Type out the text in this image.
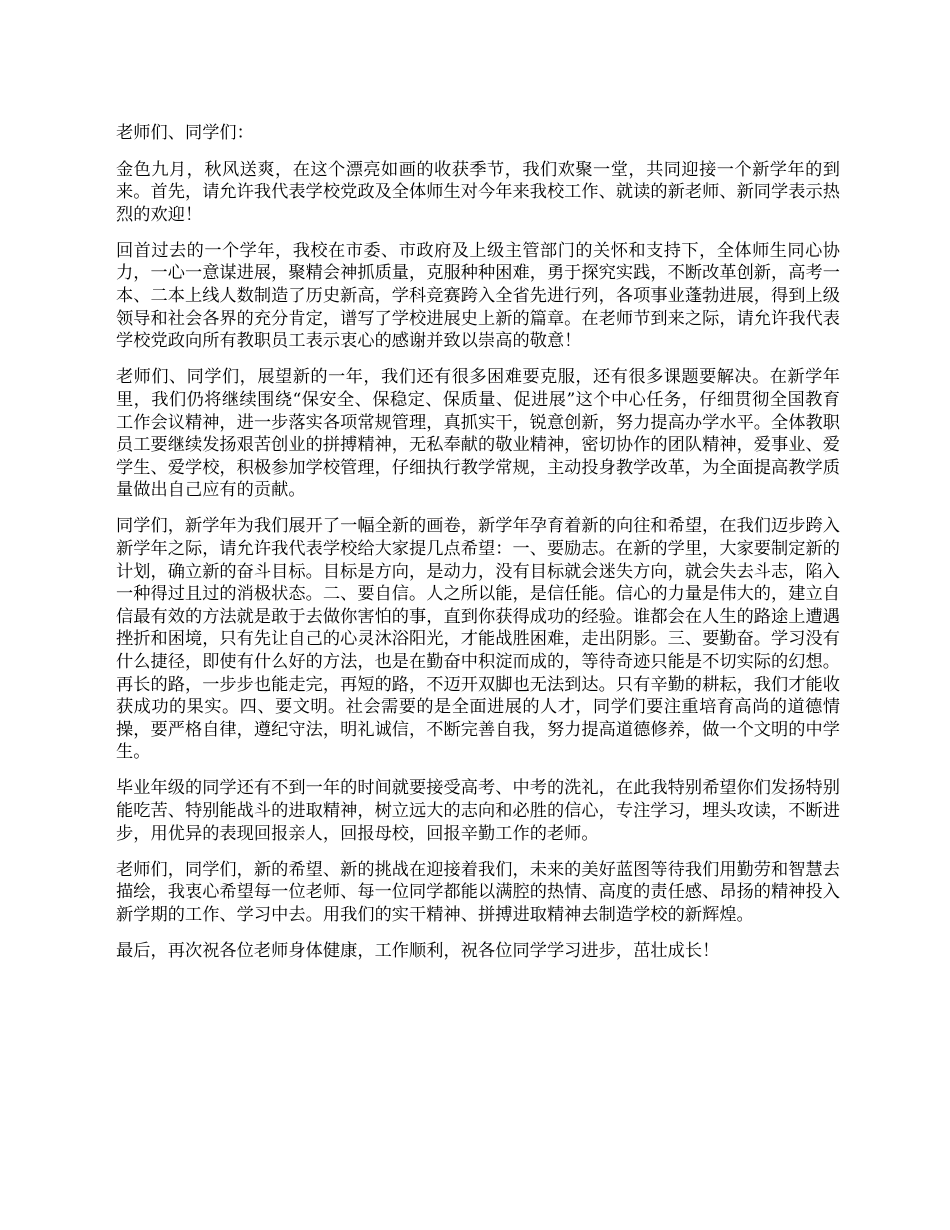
老师们、同学们：

金色九月，秋风送爽，在这个漂亮如画的收获季节，我们欢聚一堂，共同迎接一个新学年的到来。首先，请允许我代表学校党政及全体师生对今年来我校工作、就读的新老师、新同学表示热烈的欢迎！

回首过去的一个学年，我校在市委、市政府及上级主管部门的关怀和支持下，全体师生同心协力，一心一意谋进展，聚精会神抓质量，克服种种困难，勇于探究实践，不断改革创新，高考一本、二本上线人数制造了历史新高，学科竞赛跨入全省先进行列，各项事业蓬勃进展，得到上级领导和社会各界的充分肯定，谱写了学校进展史上新的篇章。在老师节到来之际，请允许我代表学校党政向所有教职员工表示衷心的感谢并致以崇高的敬意！

老师们、同学们，展望新的一年，我们还有很多困难要克服，还有很多课题要解决。在新学年里，我们仍将继续围绕“保安全、保稳定、保质量、促进展”这个中心任务，仔细贯彻全国教育工作会议精神，进一步落实各项常规管理，真抓实干，锐意创新，努力提高办学水平。全体教职员工要继续发扬艰苦创业的拼搏精神，无私奉献的敬业精神，密切协作的团队精神，爱事业、爱学生、爱学校，积极参加学校管理，仔细执行教学常规，主动投身教学改革，为全面提高教学质量做出自己应有的贡献。

同学们，新学年为我们展开了一幅全新的画卷，新学年孕育着新的向往和希望，在我们迈步跨入新学年之际，请允许我代表学校给大家提几点希望：一、要励志。在新的学里，大家要制定新的计划，确立新的奋斗目标。目标是方向，是动力，没有目标就会迷失方向，就会失去斗志，陷入一种得过且过的消极状态。二、要自信。人之所以能，是信任能。信心的力量是伟大的，建立自信最有效的方法就是敢于去做你害怕的事，直到你获得成功的经验。谁都会在人生的路途上遭遇挫折和困境，只有先让自己的心灵沐浴阳光，才能战胜困难，走出阴影。三、要勤奋。学习没有什么捷径，即使有什么好的方法，也是在勤奋中积淀而成的，等待奇迹只能是不切实际的幻想。再长的路，一步步也能走完，再短的路，不迈开双脚也无法到达。只有辛勤的耕耘，我们才能收获成功的果实。四、要文明。社会需要的是全面进展的人才，同学们要注重培育高尚的道德情操，要严格自律，遵纪守法，明礼诚信，不断完善自我，努力提高道德修养，做一个文明的中学生。

毕业年级的同学还有不到一年的时间就要接受高考、中考的洗礼，在此我特别希望你们发扬特别能吃苦、特别能战斗的进取精神，树立远大的志向和必胜的信心，专注学习，埋头攻读，不断进步，用优异的表现回报亲人，回报母校，回报辛勤工作的老师。

老师们，同学们，新的希望、新的挑战在迎接着我们，未来的美好蓝图等待我们用勤劳和智慧去描绘，我衷心希望每一位老师、每一位同学都能以满腔的热情、高度的责任感、昂扬的精神投入新学期的工作、学习中去。用我们的实干精神、拼搏进取精神去制造学校的新辉煌。

最后，再次祝各位老师身体健康，工作顺利，祝各位同学学习进步，茁壮成长！
